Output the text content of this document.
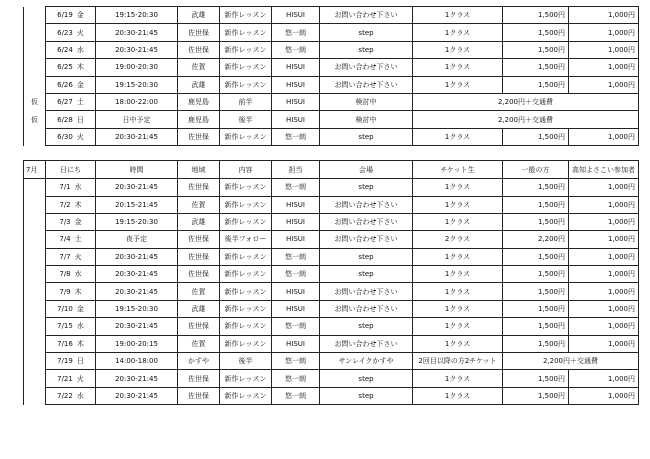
	6/19 金	19:15-20:30	武雄	新作レッスン	HISUI	お問い合わせ下さい	1クラス	1,500円	1,000円
	6/23 火	20:30-21:45	佐世保	新作レッスン	悠一朗	step	1クラス	1,500円	1,000円
	6/24 水	20:30-21:45	佐世保	新作レッスン	悠一朗	step	1クラス	1,500円	1,000円
	6/25 木	19:00-20:30	佐賀	新作レッスン	HISUI	お問い合わせ下さい	1クラス	1,500円	1,000円
	6/26 金	19:15-20:30	武雄	新作レッスン	HISUI	お問い合わせ下さい	1クラス	1,500円	1,000円
仮	6/27 土	18:00-22:00	鹿児島	前半	HISUI	検討中	2,200円＋交通費		
仮	6/28 日	日中予定	鹿児島	後半	HISUI	検討中	2,200円＋交通費		
	6/30 火	20:30-21:45	佐世保	新作レッスン	悠一朗	step	1クラス	1,500円	1,000円

7月	日にち	時間	地域	内容	担当	会場	チケット生	一般の方	高知よさこい参加者
	7/1 水	20:30-21:45	佐世保	新作レッスン	悠一朗	step	1クラス	1,500円	1,000円
	7/2 木	20:15-21:45	佐賀	新作レッスン	HISUI	お問い合わせ下さい	1クラス	1,500円	1,000円
	7/3 金	19:15-20:30	武雄	新作レッスン	HISUI	お問い合わせ下さい	1クラス	1,500円	1,000円
	7/4 土	夜予定	佐世保	後半フォロー	HISUI	お問い合わせ下さい	2クラス	2,200円	1,000円
	7/7 火	20:30-21:45	佐世保	新作レッスン	悠一朗	step	1クラス	1,500円	1,000円
	7/8 水	20:30-21:45	佐世保	新作レッスン	悠一朗	step	1クラス	1,500円	1,000円
	7/9 木	20:30-21:45	佐賀	新作レッスン	HISUI	お問い合わせ下さい	1クラス	1,500円	1,000円
	7/10 金	19:15-20:30	武雄	新作レッスン	HISUI	お問い合わせ下さい	1クラス	1,500円	1,000円
	7/15 水	20:30-21:45	佐世保	新作レッスン	悠一朗	step	1クラス	1,500円	1,000円
	7/16 木	19:00-20:15	佐賀	新作レッスン	HISUI	お問い合わせ下さい	1クラス	1,500円	1,000円
	7/19 日	14:00-18:00	かすや	後半	悠一朗	サンレイクかすや	2回目以降の方2チケット	2,200円＋交通費	
	7/21 火	20:30-21:45	佐世保	新作レッスン	悠一朗	step	1クラス	1,500円	1,000円
	7/22 水	20:30-21:45	佐世保	新作レッスン	悠一朗	step	1クラス	1,500円	1,000円
